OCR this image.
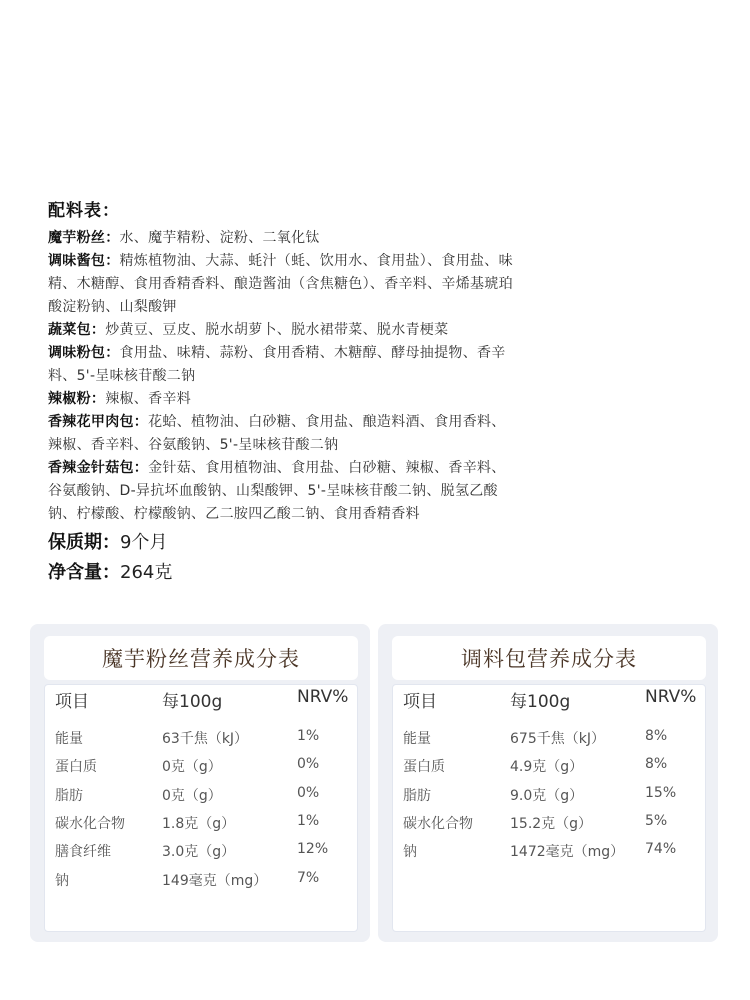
配料表：
魔芋粉丝：水、魔芋精粉、淀粉、二氧化钛
调味酱包：精炼植物油、大蒜、蚝汁（蚝、饮用水、食用盐）、食用盐、味精、木糖醇、食用香精香料、酿造酱油（含焦糖色）、香辛料、辛烯基琥珀酸淀粉钠、山梨酸钾
蔬菜包：炒黄豆、豆皮、脱水胡萝卜、脱水裙带菜、脱水青梗菜
调味粉包：食用盐、味精、蒜粉、食用香精、木糖醇、酵母抽提物、香辛料、5'-呈味核苷酸二钠
辣椒粉：辣椒、香辛料
香辣花甲肉包：花蛤、植物油、白砂糖、食用盐、酿造料酒、食用香料、辣椒、香辛料、谷氨酸钠、5'-呈味核苷酸二钠
香辣金针菇包：金针菇、食用植物油、食用盐、白砂糖、辣椒、香辛料、谷氨酸钠、D-异抗坏血酸钠、山梨酸钾、5'-呈味核苷酸二钠、脱氢乙酸钠、柠檬酸、柠檬酸钠、乙二胺四乙酸二钠、食用香精香料
保质期：9个月
净含量：264克
魔芋粉丝营养成分表
项目	每100g	NRV%
能量	63千焦（kJ）	1%
蛋白质	0克（g）	0%
脂肪	0克（g）	0%
碳水化合物	1.8克（g）	1%
膳食纤维	3.0克（g）	12%
钠	149毫克（mg） 7%
调料包营养成分表
项目	每100g	NRV%
能量	675千焦（kJ）	8%
蛋白质	4.9克（g）	8%
脂肪	9.0克（g）	15%
碳水化合物	15.2克（g）	5%
钠	1472毫克（mg） 74%
